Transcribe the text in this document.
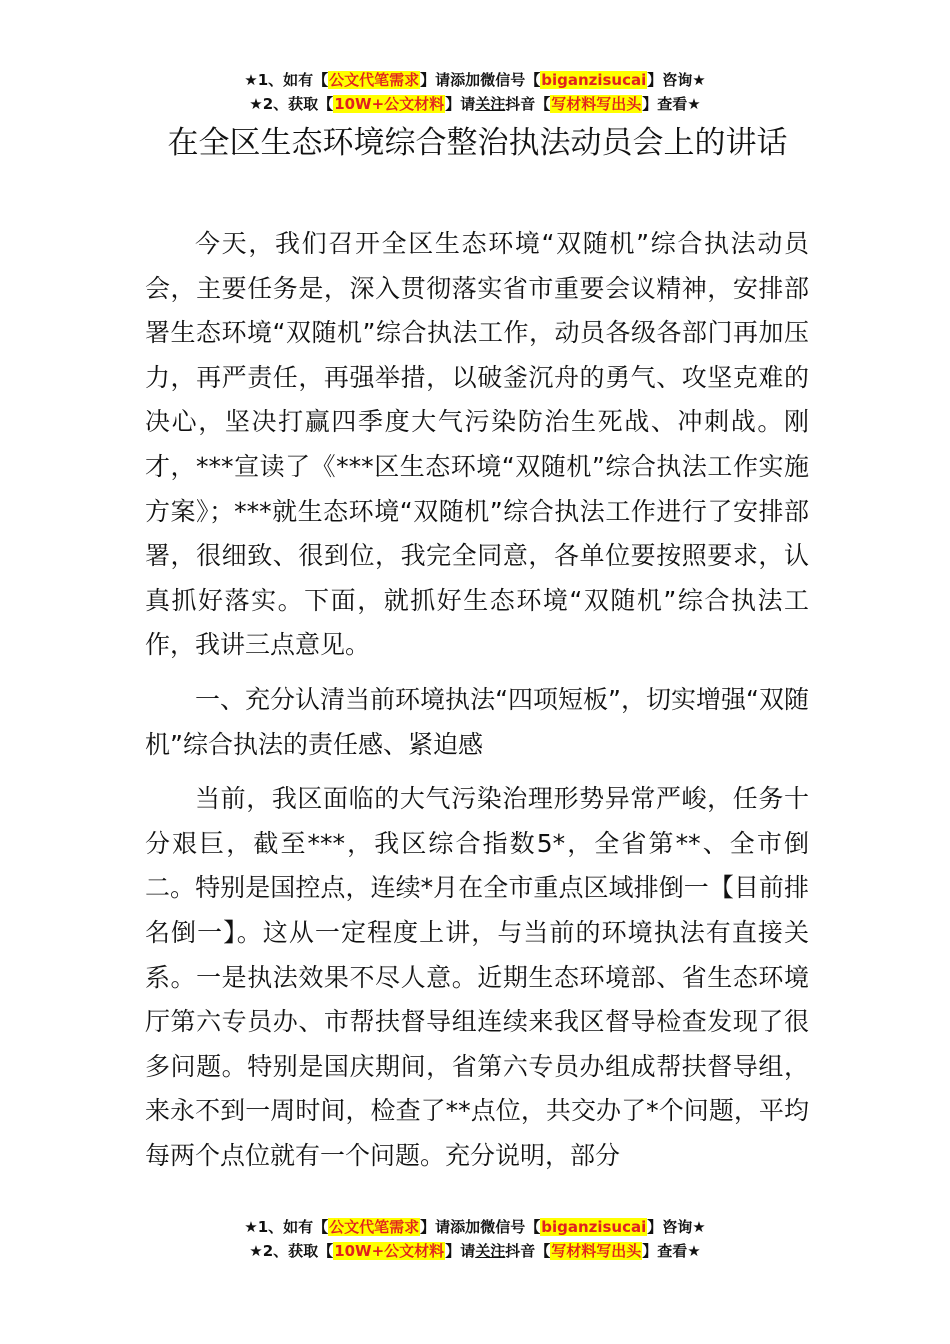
★1、如有【公文代笔需求】请添加微信号【biganzisucai】咨询★
★2、获取【10W+公文材料】请关注抖音【写材料写出头】查看★
在全区生态环境综合整治执法动员会上的讲话

今天，我们召开全区生态环境“双随机”综合执法动员会，主要任务是，深入贯彻落实省市重要会议精神，安排部署生态环境“双随机”综合执法工作，动员各级各部门再加压力，再严责任，再强举措，以破釜沉舟的勇气、攻坚克难的决心，坚决打赢四季度大气污染防治生死战、冲刺战。刚才，***宣读了《***区生态环境“双随机”综合执法工作实施方案》；***就生态环境“双随机”综合执法工作进行了安排部署，很细致、很到位，我完全同意，各单位要按照要求，认真抓好落实。下面，就抓好生态环境“双随机”综合执法工作，我讲三点意见。

一、充分认清当前环境执法“四项短板”，切实增强“双随机”综合执法的责任感、紧迫感

当前，我区面临的大气污染治理形势异常严峻，任务十分艰巨，截至***，我区综合指数5*，全省第**、全市倒二。特别是国控点，连续*月在全市重点区域排倒一【目前排名倒一】。这从一定程度上讲，与当前的环境执法有直接关系。一是执法效果不尽人意。近期生态环境部、省生态环境厅第六专员办、市帮扶督导组连续来我区督导检查发现了很多问题。特别是国庆期间，省第六专员办组成帮扶督导组，来永不到一周时间，检查了**点位，共交办了*个问题，平均每两个点位就有一个问题。充分说明，部分

★1、如有【公文代笔需求】请添加微信号【biganzisucai】咨询★
★2、获取【10W+公文材料】请关注抖音【写材料写出头】查看★
